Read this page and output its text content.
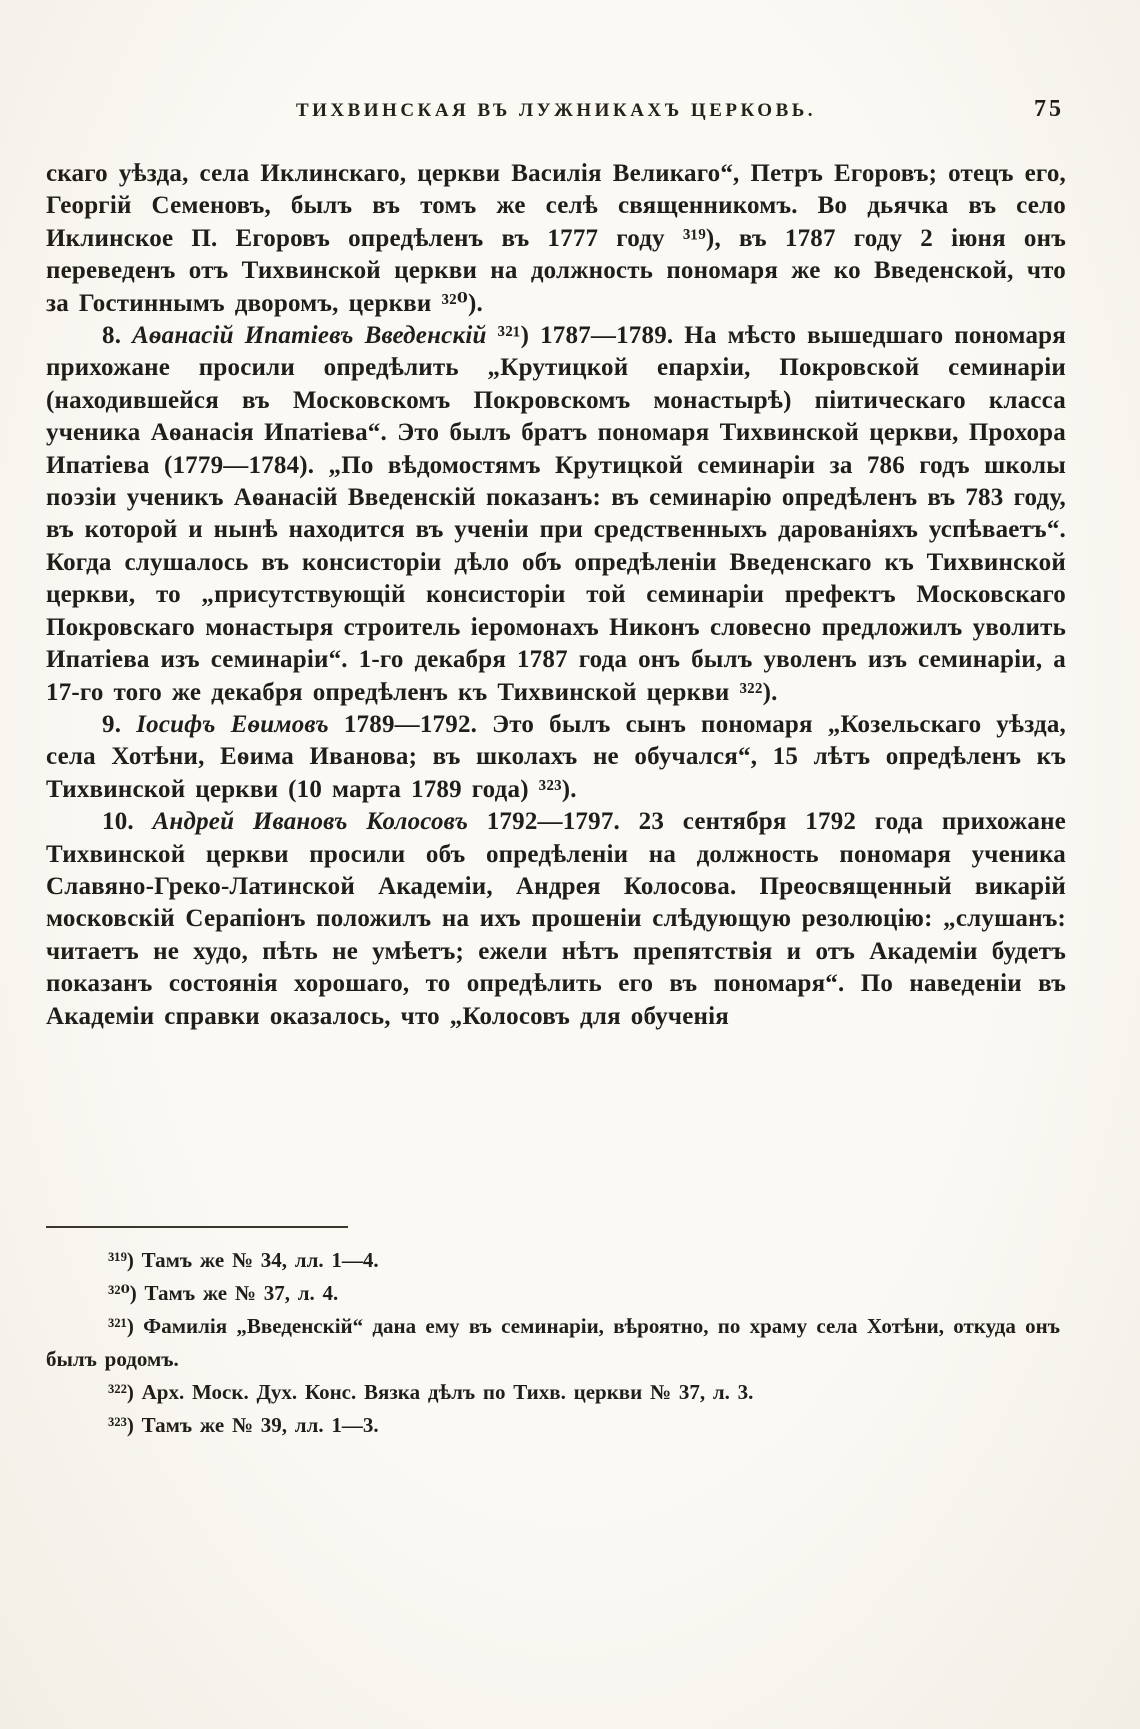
ТИХВИНСКАЯ ВЪ ЛУЖНИКАХЪ ЦЕРКОВЬ.	75

скаго уѣзда, села Иклинскаго, церкви Василія Великаго“, Петръ Егоровъ; отецъ его, Георгій Семеновъ, былъ въ томъ же селѣ священникомъ. Во дьячка въ село Иклинское П. Егоровъ опредѣленъ въ 1777 году ³¹⁹), въ 1787 году 2 іюня онъ переведенъ отъ Тихвинской церкви на должность пономаря же ко Введенской, что за Гостиннымъ дворомъ, церкви ³²⁰).

8. Аѳанасій Ипатіевъ Введенскій ³²¹) 1787—1789. На мѣсто вышедшаго пономаря прихожане просили опредѣлить „Крутицкой епархіи, Покровской семинаріи (находившейся въ Московскомъ Покровскомъ монастырѣ) піитическаго класса ученика Аѳанасія Ипатіева“. Это былъ братъ пономаря Тихвинской церкви, Прохора Ипатіева (1779—1784). „По вѣдомостямъ Крутицкой семинаріи за 786 годъ школы поэзіи ученикъ Аѳанасій Введенскій показанъ: въ семинарію опредѣленъ въ 783 году, въ которой и нынѣ находится въ ученіи при средственныхъ дарованіяхъ успѣваетъ“. Когда слушалось въ консисторіи дѣло объ опредѣленіи Введенскаго къ Тихвинской церкви, то „присутствующій консисторіи той семинаріи префектъ Московскаго Покровскаго монастыря строитель іеромонахъ Никонъ словесно предложилъ уволить Ипатіева изъ семинаріи“. 1-го декабря 1787 года онъ былъ уволенъ изъ семинаріи, а 17-го того же декабря опредѣленъ къ Тихвинской церкви ³²²).

9. Іосифъ Еѳимовъ 1789—1792. Это былъ сынъ пономаря „Козельскаго уѣзда, села Хотѣни, Еѳима Иванова; въ школахъ не обучался“, 15 лѣтъ опредѣленъ къ Тихвинской церкви (10 марта 1789 года) ³²³).

10. Андрей Ивановъ Колосовъ 1792—1797. 23 сентября 1792 года прихожане Тихвинской церкви просили объ опредѣленіи на должность пономаря ученика Славяно-Греко-Латинской Академіи, Андрея Колосова. Преосвященный викарій московскій Серапіонъ положилъ на ихъ прошеніи слѣдующую резолюцію: „слушанъ: читаетъ не худо, пѣть не умѣетъ; ежели нѣтъ препятствія и отъ Академіи будетъ показанъ состоянія хорошаго, то опредѣлить его въ пономаря“. По наведеніи въ Академіи справки оказалось, что „Колосовъ для обученія

³¹⁹) Тамъ же № 34, лл. 1—4.

³²⁰) Тамъ же № 37, л. 4.

³²¹) Фамилія „Введенскій“ дана ему въ семинаріи, вѣроятно, по храму села Хотѣни, откуда онъ былъ родомъ.

³²²) Арх. Моск. Дух. Конс. Вязка дѣлъ по Тихв. церкви № 37, л. 3.

³²³) Тамъ же № 39, лл. 1—3.
